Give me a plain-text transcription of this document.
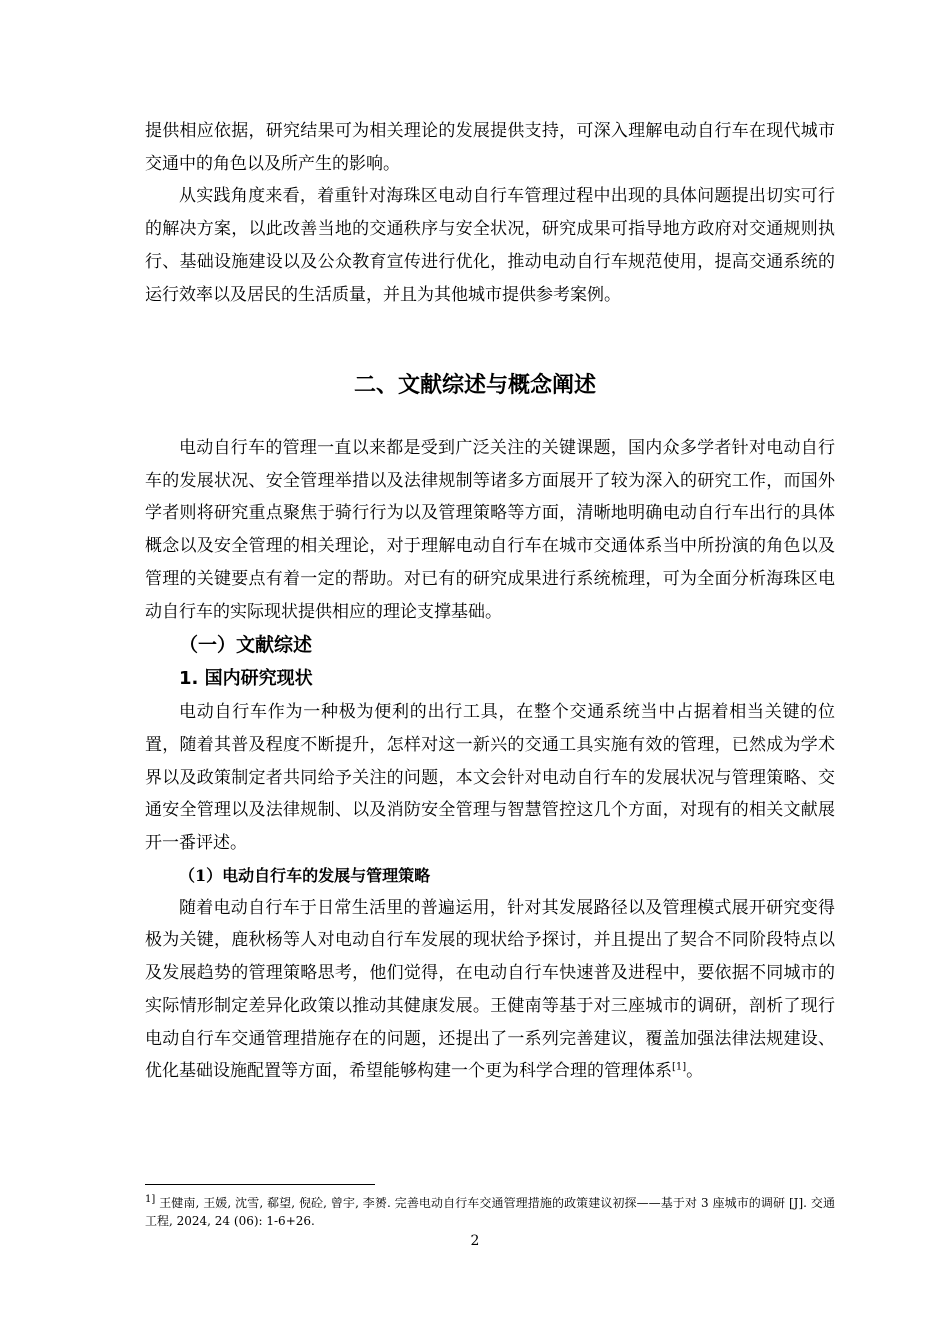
提供相应依据，研究结果可为相关理论的发展提供支持，可深入理解电动自行车在现代城市交通中的角色以及所产生的影响。

从实践角度来看，着重针对海珠区电动自行车管理过程中出现的具体问题提出切实可行的解决方案，以此改善当地的交通秩序与安全状况，研究成果可指导地方政府对交通规则执行、基础设施建设以及公众教育宣传进行优化，推动电动自行车规范使用，提高交通系统的运行效率以及居民的生活质量，并且为其他城市提供参考案例。

二、文献综述与概念阐述

电动自行车的管理一直以来都是受到广泛关注的关键课题，国内众多学者针对电动自行车的发展状况、安全管理举措以及法律规制等诸多方面展开了较为深入的研究工作，而国外学者则将研究重点聚焦于骑行行为以及管理策略等方面，清晰地明确电动自行车出行的具体概念以及安全管理的相关理论，对于理解电动自行车在城市交通体系当中所扮演的角色以及管理的关键要点有着一定的帮助。对已有的研究成果进行系统梳理，可为全面分析海珠区电动自行车的实际现状提供相应的理论支撑基础。

（一）文献综述
1. 国内研究现状

电动自行车作为一种极为便利的出行工具，在整个交通系统当中占据着相当关键的位置，随着其普及程度不断提升，怎样对这一新兴的交通工具实施有效的管理，已然成为学术界以及政策制定者共同给予关注的问题，本文会针对电动自行车的发展状况与管理策略、交通安全管理以及法律规制、以及消防安全管理与智慧管控这几个方面，对现有的相关文献展开一番评述。

（1）电动自行车的发展与管理策略

随着电动自行车于日常生活里的普遍运用，针对其发展路径以及管理模式展开研究变得极为关键，鹿秋杨等人对电动自行车发展的现状给予探讨，并且提出了契合不同阶段特点以及发展趋势的管理策略思考，他们觉得，在电动自行车快速普及进程中，要依据不同城市的实际情形制定差异化政策以推动其健康发展。王健南等基于对三座城市的调研，剖析了现行电动自行车交通管理措施存在的问题，还提出了一系列完善建议，覆盖加强法律法规建设、优化基础设施配置等方面，希望能够构建一个更为科学合理的管理体系[1]。

$^{1]}$ 王健南, 王媛, 沈雪, 郗望, 倪砼, 曾宇, 李赟. 完善电动自行车交通管理措施的政策建议初探——基于对 3 座城市的调研 [J]. 交通工程, 2024, 24 (06): 1-6+26.

2
